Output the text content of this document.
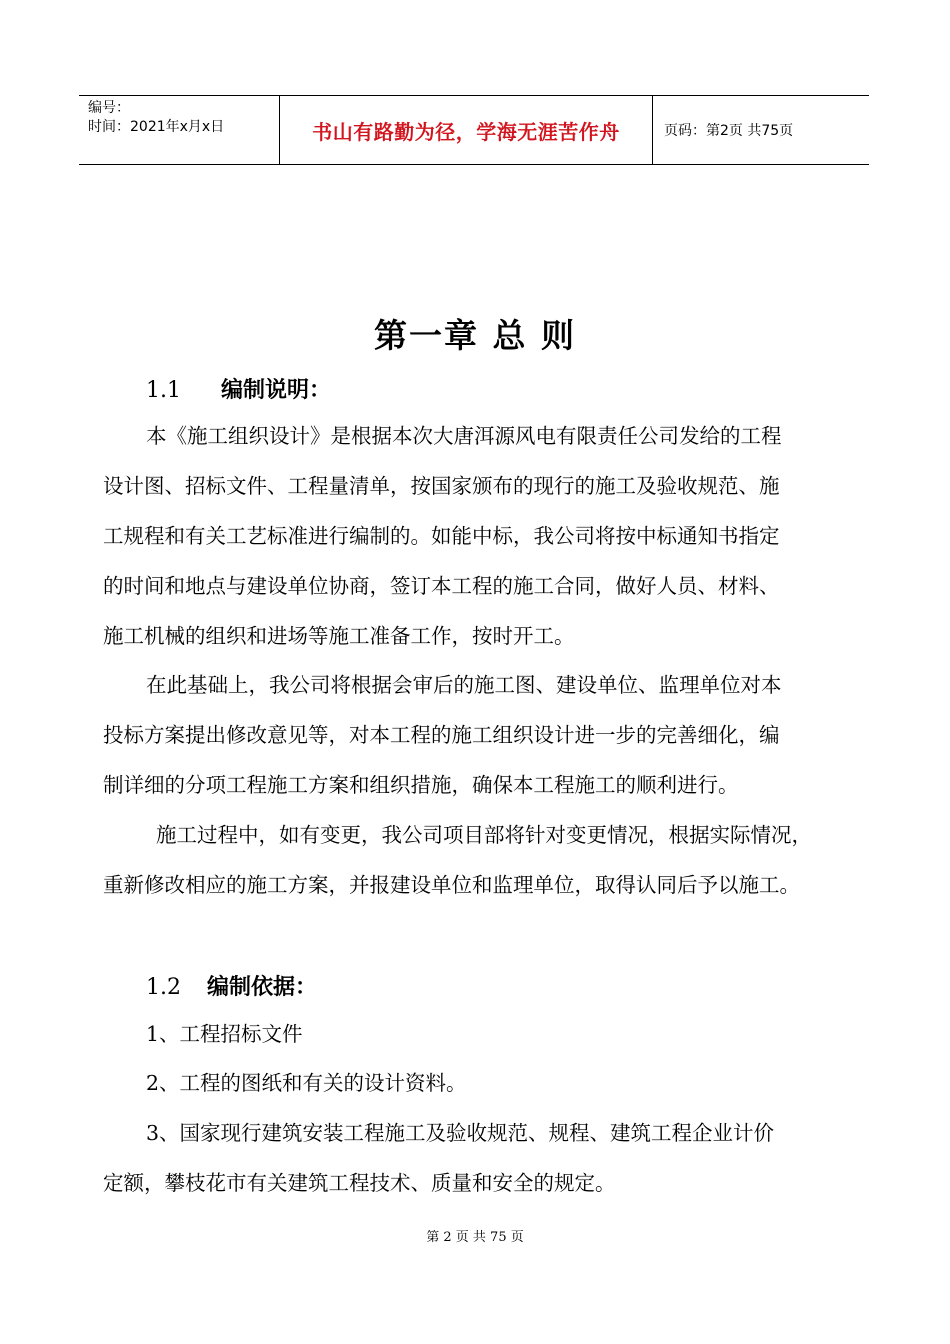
编号：
时间：2021年x月x日	书山有路勤为径，学海无涯苦作舟	页码：第2页 共75页
第一章 总 则
1.1 编制说明：
本《施工组织设计》是根据本次大唐洱源风电有限责任公司发给的工程
设计图、招标文件、工程量清单，按国家颁布的现行的施工及验收规范、施
工规程和有关工艺标准进行编制的。如能中标，我公司将按中标通知书指定
的时间和地点与建设单位协商，签订本工程的施工合同，做好人员、材料、
施工机械的组织和进场等施工准备工作，按时开工。
在此基础上，我公司将根据会审后的施工图、建设单位、监理单位对本
投标方案提出修改意见等，对本工程的施工组织设计进一步的完善细化，编
制详细的分项工程施工方案和组织措施，确保本工程施工的顺利进行。
施工过程中，如有变更，我公司项目部将针对变更情况，根据实际情况，
重新修改相应的施工方案，并报建设单位和监理单位，取得认同后予以施工。
1.2 编制依据：
1、工程招标文件
2、工程的图纸和有关的设计资料。
3、国家现行建筑安装工程施工及验收规范、规程、建筑工程企业计价
定额，攀枝花市有关建筑工程技术、质量和安全的规定。
第 2 页 共 75 页
